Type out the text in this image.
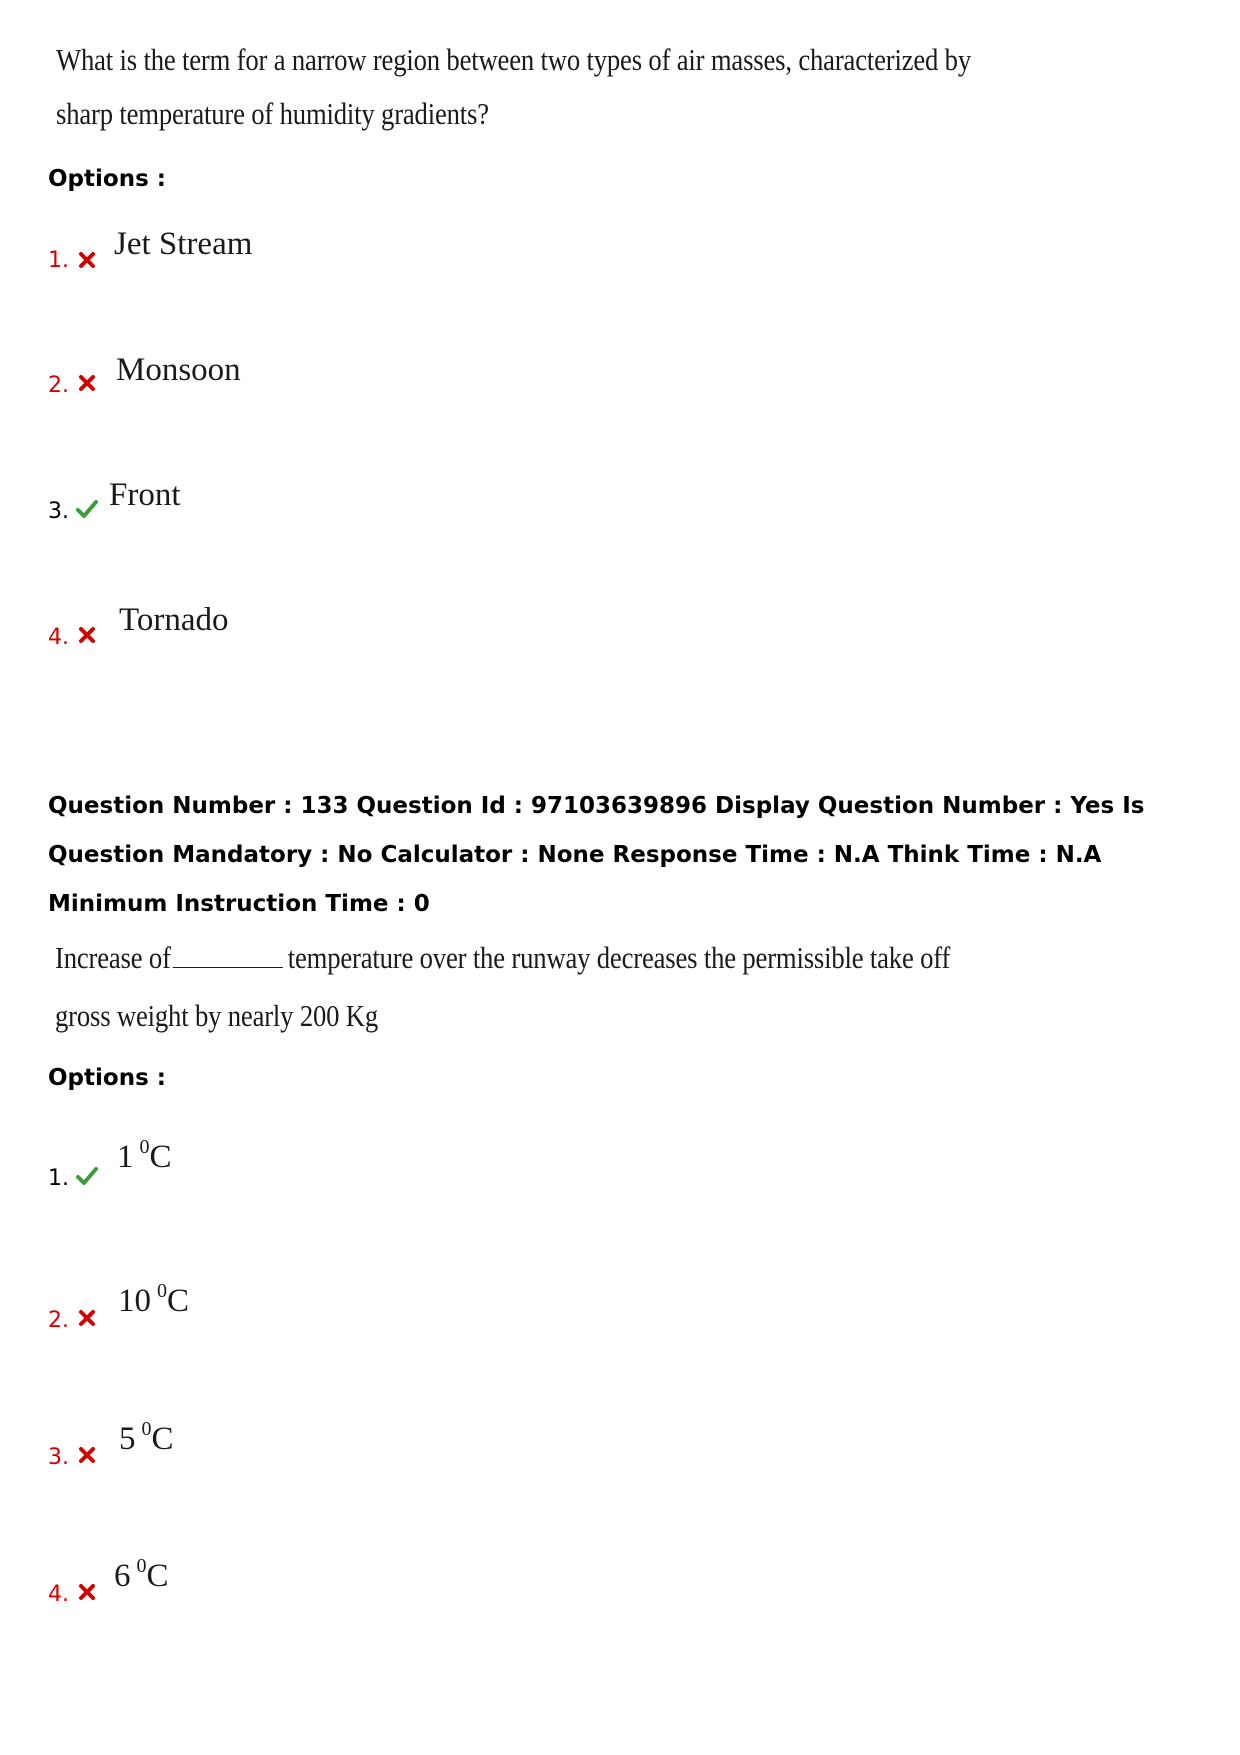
What is the term for a narrow region between two types of air masses, characterized by
sharp temperature of humidity gradients?
Options :
1. Jet Stream
2. Monsoon
3. Front
4. Tornado
Question Number : 133 Question Id : 97103639896 Display Question Number : Yes Is Question Mandatory : No Calculator : None Response Time : N.A Think Time : N.A Minimum Instruction Time : 0
Increase of	temperature over the runway decreases the permissible take off
gross weight by nearly 200 Kg
Options :
1.
1 $^0$C
2.
10 $^0$C
3.
5 $^0$C
4.
6 $^0$C
